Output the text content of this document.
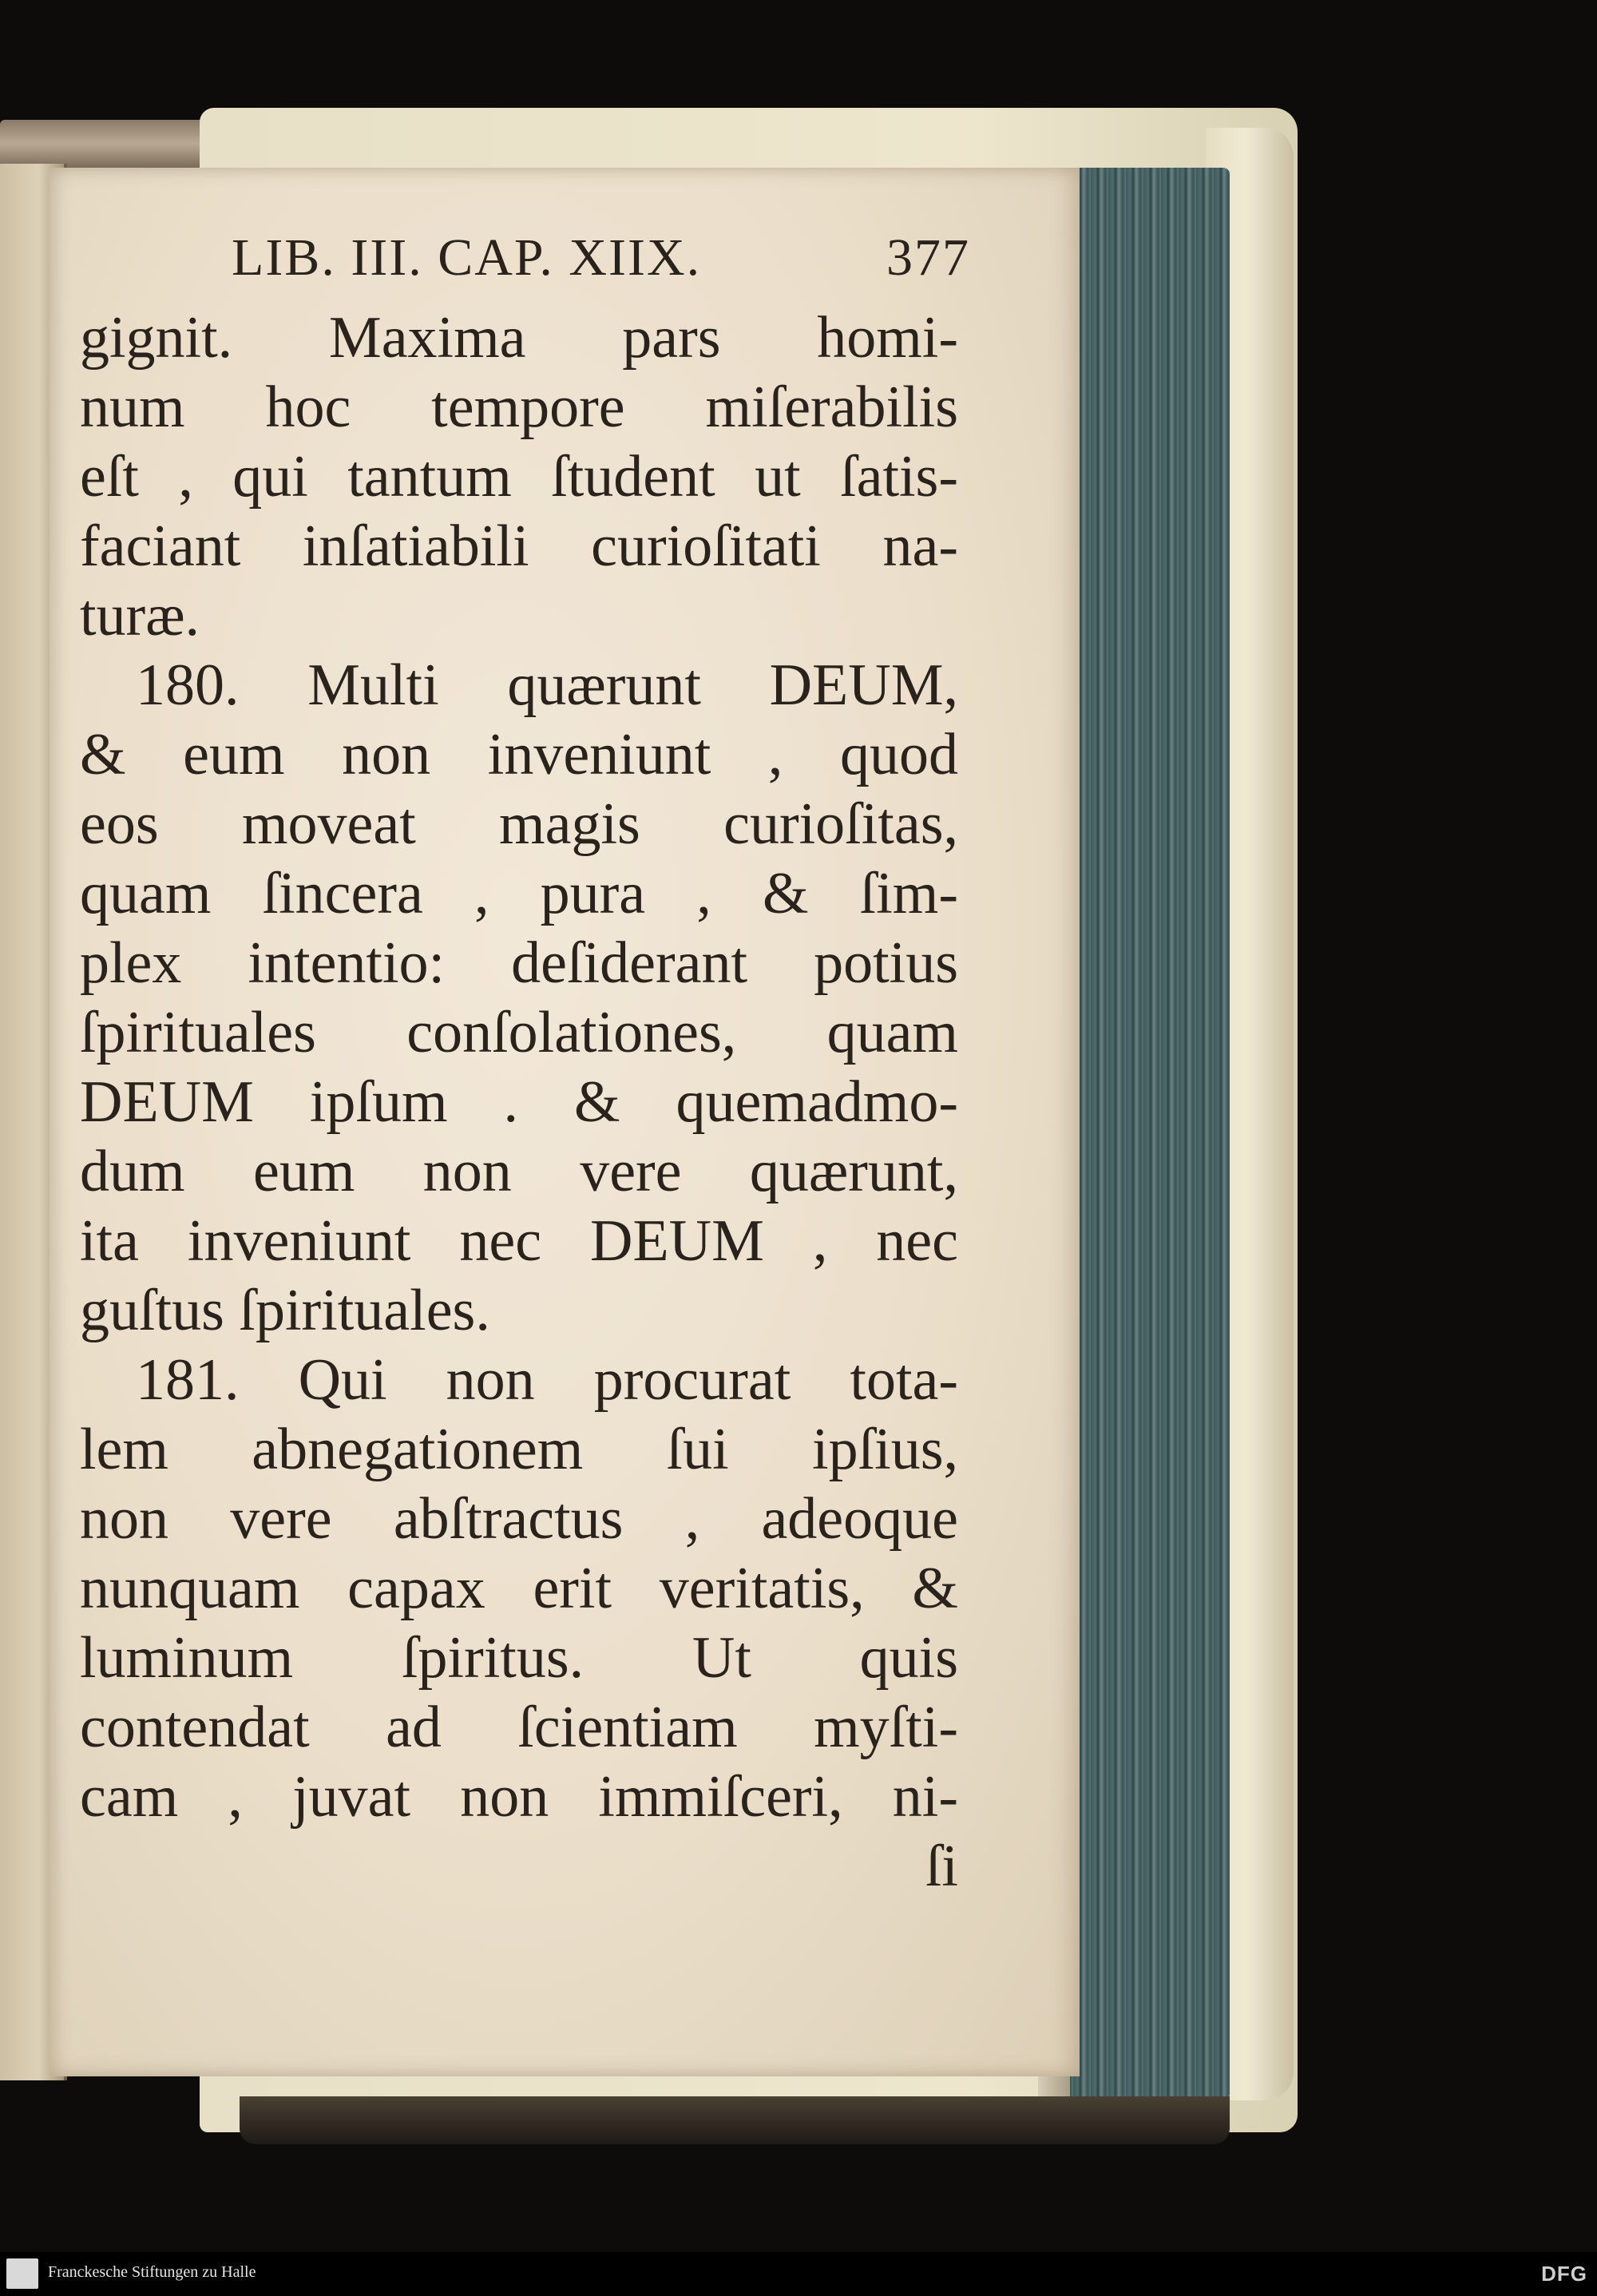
LIB. III. CAP. XIIX.	377
gignit. Maxima pars homi-
num hoc tempore miſerabilis
eſt , qui tantum ſtudent ut ſatis-
faciant inſatiabili curioſitati na-
turæ.
180. Multi quærunt DEUM,
& eum non inveniunt , quod
eos moveat magis curioſitas,
quam ſincera , pura , & ſim-
plex intentio: deſiderant potius
ſpirituales conſolationes, quam
DEUM ipſum . & quemadmo-
dum eum non vere quærunt,
ita inveniunt nec DEUM , nec
guſtus ſpirituales.
181. Qui non procurat tota-
lem abnegationem ſui ipſius,
non vere abſtractus , adeoque
nunquam capax erit veritatis, &
luminum ſpiritus. Ut quis
contendat ad ſcientiam myſti-
cam , juvat non immiſceri, ni-
ſi
Franckesche Stiftungen zu Halle	DFG
